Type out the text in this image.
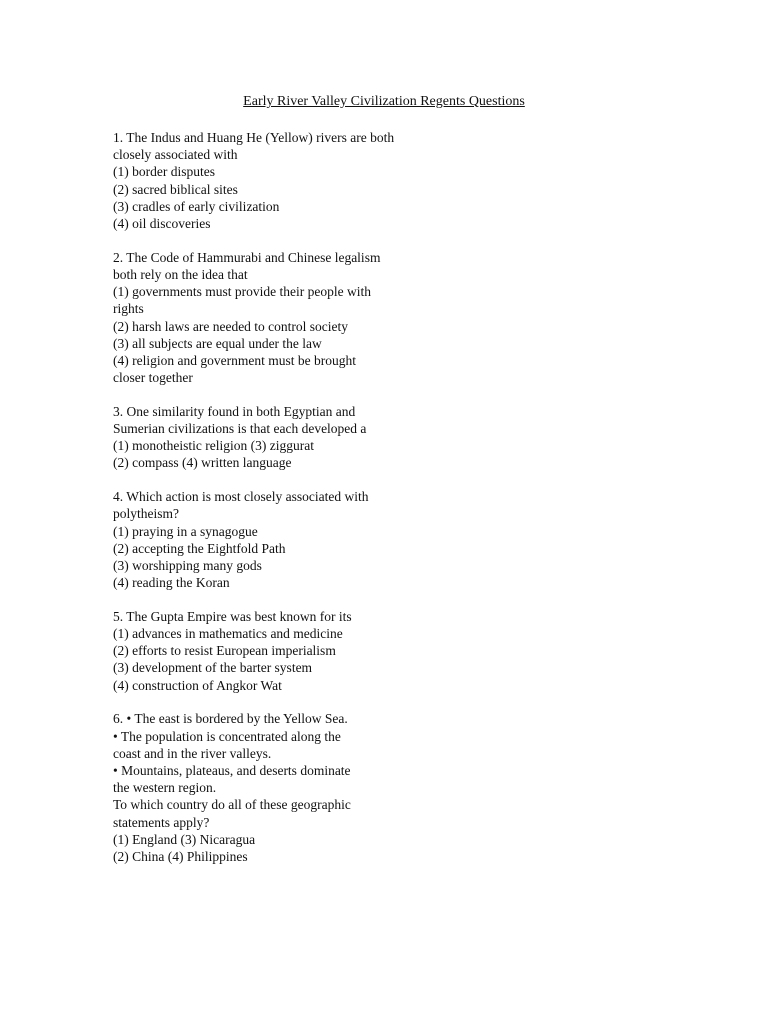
Early River Valley Civilization Regents Questions
1. The Indus and Huang He (Yellow) rivers are both
closely associated with
(1) border disputes
(2) sacred biblical sites
(3) cradles of early civilization
(4) oil discoveries
2. The Code of Hammurabi and Chinese legalism
both rely on the idea that
(1) governments must provide their people with
rights
(2) harsh laws are needed to control society
(3) all subjects are equal under the law
(4) religion and government must be brought
closer together
3. One similarity found in both Egyptian and
Sumerian civilizations is that each developed a
(1) monotheistic religion (3) ziggurat
(2) compass (4) written language
4. Which action is most closely associated with
polytheism?
(1) praying in a synagogue
(2) accepting the Eightfold Path
(3) worshipping many gods
(4) reading the Koran
5. The Gupta Empire was best known for its
(1) advances in mathematics and medicine
(2) efforts to resist European imperialism
(3) development of the barter system
(4) construction of Angkor Wat
6. • The east is bordered by the Yellow Sea.
• The population is concentrated along the
coast and in the river valleys.
• Mountains, plateaus, and deserts dominate
the western region.
To which country do all of these geographic
statements apply?
(1) England (3) Nicaragua
(2) China (4) Philippines
